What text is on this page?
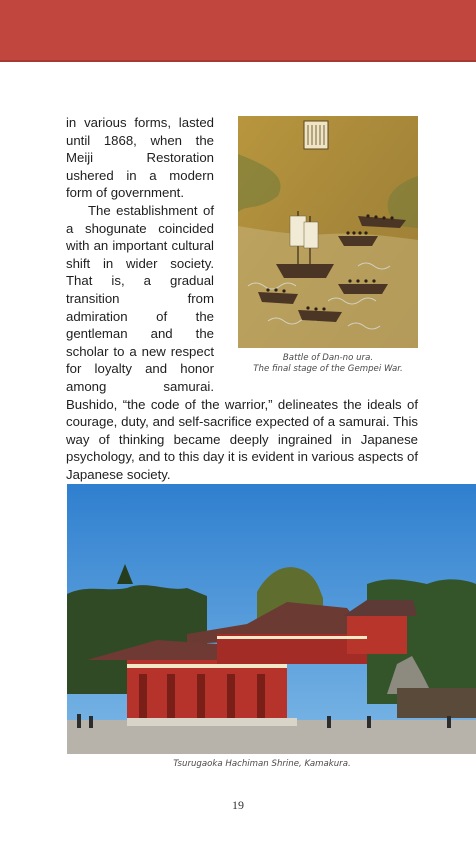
Battle of Dan-no ura.
The final stage of the Gempei War.

in various forms, lasted until 1868, when the Meiji Restoration ushered in a modern form of government.

The establishment of a shogunate coincided with an important cultural shift in wider society. That is, a gradual transition from admiration of the gentleman and the scholar to a new respect for loyalty and honor among samurai. Bushido, “the code of the warrior,” delineates the ideals of courage, duty, and self-sacrifice expected of a samurai. This way of thinking became deeply ingrained in Japanese psychology, and to this day it is evident in various aspects of Japanese society.

Tsurugaoka Hachiman Shrine, Kamakura.
19
